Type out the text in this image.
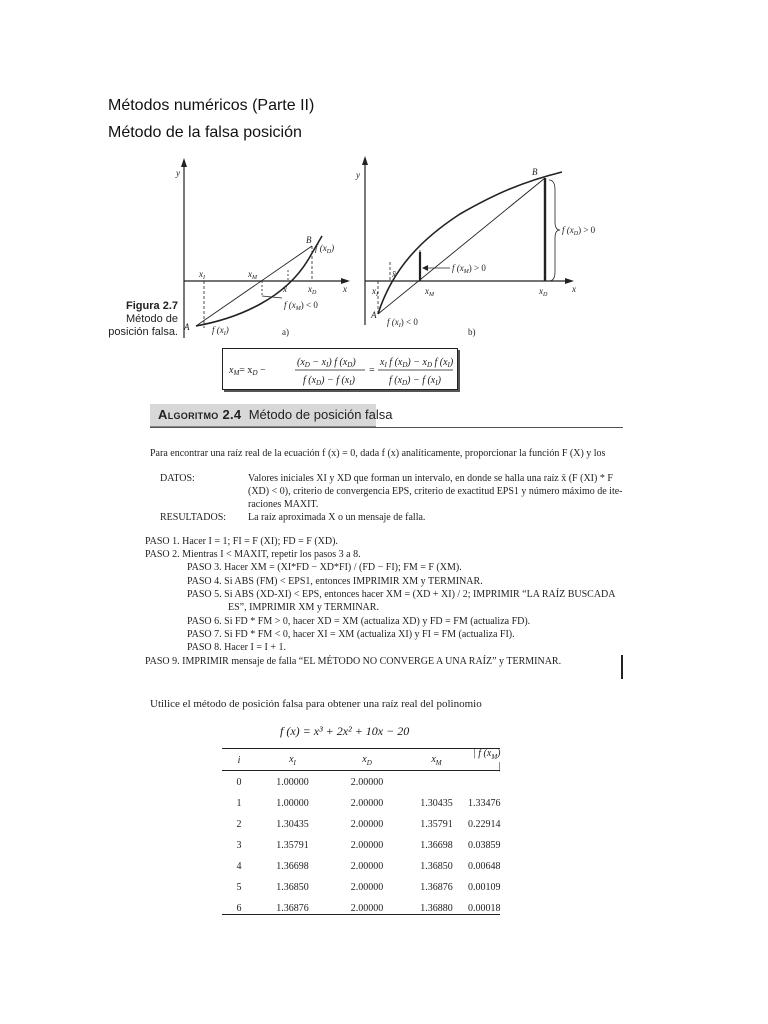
Métodos numéricos (Parte II)
Método de la falsa posición
y
x
B
A
$x_I$	$x_M$
x̄ $x_D$
f $(x_D)$
f $(x_M) < 0$
f $(x_I)$	a)
y
x
B
A
x̄
$x_I$	$x_M$	$x_D$
f $(x_D) > 0$
f $(x_M) > 0$
f $(x_I) < 0$
b)
Figura 2.7
Método de
posición falsa.
$x_M= x_D$ −
$(x_D - x_I)$ f $(x_D)$
f $(x_D) - f$ $(x_I)$
=
$x_I$ f $(x_D) - x_D$ f $(x_I)$
f $(x_D) - f$ $(x_I)$
Algoritmo 2.4 Método de posición falsa
Para encontrar una raíz real de la ecuación f (x) = 0, dada f (x) analíticamente, proporcionar la función F (X) y los
DATOS:	Valores iniciales XI y XD que forman un intervalo, en donde se halla una raíz x̄ (F (XI) * F
(XD) < 0), criterio de convergencia EPS, criterio de exactitud EPS1 y número máximo de ite-
raciones MAXIT.
RESULTADOS: La raíz aproximada X o un mensaje de falla.
PASO 1. Hacer I = 1; FI = F (XI); FD = F (XD).
PASO 2. Mientras I < MAXIT, repetir los pasos 3 a 8.
PASO 3. Hacer XM = (XI*FD − XD*FI) / (FD − FI); FM = F (XM).
PASO 4. Si ABS (FM) < EPS1, entonces IMPRIMIR XM y TERMINAR.
PASO 5. Si ABS (XD-XI) < EPS, entonces hacer XM = (XD + XI) / 2; IMPRIMIR “LA RAÍZ BUSCADA
ES”, IMPRIMIR XM y TERMINAR.
PASO 6. Si FD * FM > 0, hacer XD = XM (actualiza XD) y FD = FM (actualiza FD).
PASO 7. Si FD * FM < 0, hacer XI = XM (actualiza XI) y FI = FM (actualiza FI).
PASO 8. Hacer I = I + 1.
PASO 9. IMPRIMIR mensaje de falla “EL MÉTODO NO CONVERGE A UNA RAÍZ” y TERMINAR.
Utilice el método de posición falsa para obtener una raíz real del polinomio
f (x) = x³ + 2x² + 10x − 20
i	$x_I$	$x_D$	$x_M$	| f $(x_M)$ |
0	1.00000	2.00000		
1	1.00000	2.00000	1.30435	1.33476
2	1.30435	2.00000	1.35791	0.22914
3	1.35791	2.00000	1.36698	0.03859
4	1.36698	2.00000	1.36850	0.00648
5	1.36850	2.00000	1.36876	0.00109
6	1.36876	2.00000	1.36880	0.00018
